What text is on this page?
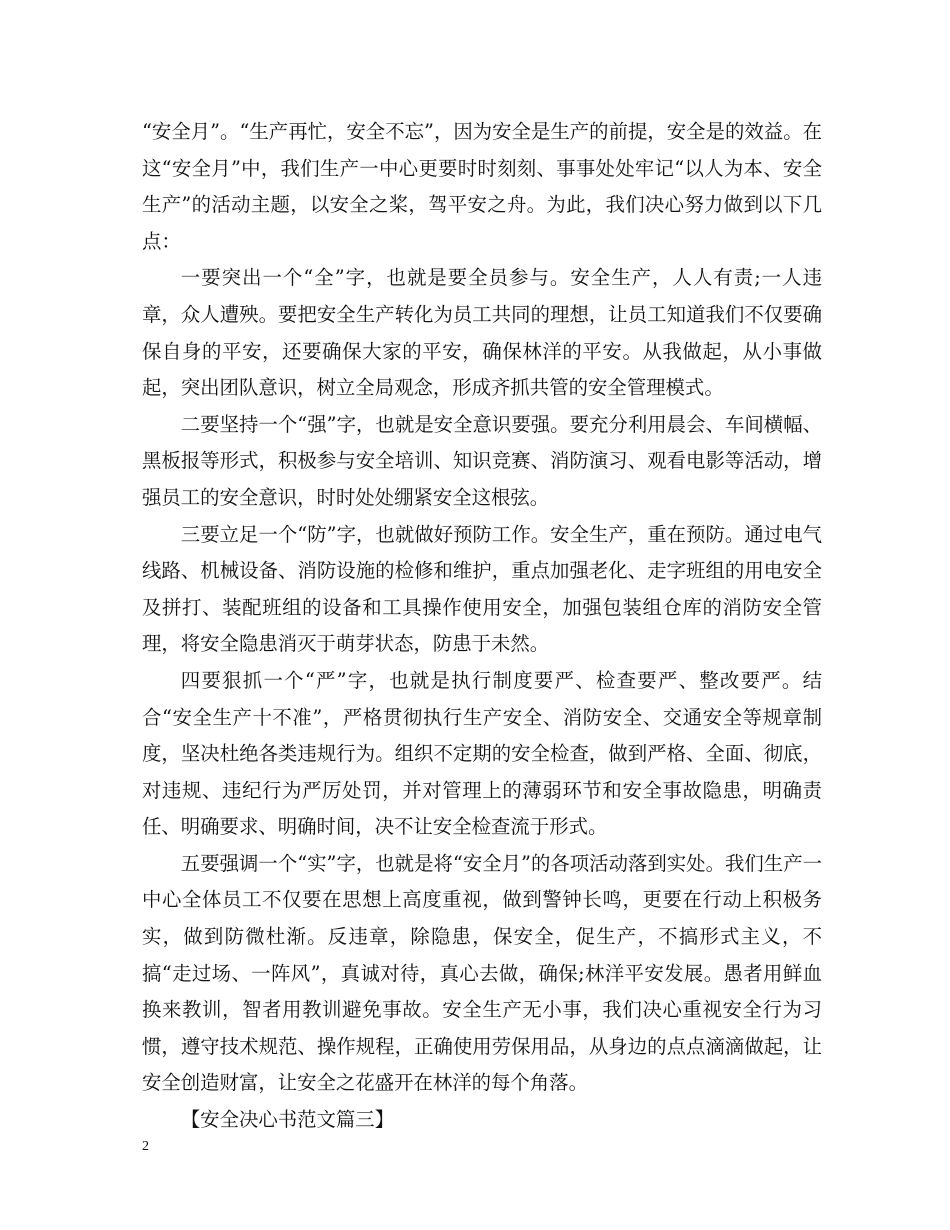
“安全月”。“生产再忙，安全不忘”，因为安全是生产的前提，安全是的效益。在这“安全月”中，我们生产一中心更要时时刻刻、事事处处牢记“以人为本、安全生产”的活动主题，以安全之桨，驾平安之舟。为此，我们决心努力做到以下几点：

一要突出一个“全”字，也就是要全员参与。安全生产，人人有责;一人违章，众人遭殃。要把安全生产转化为员工共同的理想，让员工知道我们不仅要确保自身的平安，还要确保大家的平安，确保林洋的平安。从我做起，从小事做起，突出团队意识，树立全局观念，形成齐抓共管的安全管理模式。

二要坚持一个“强”字，也就是安全意识要强。要充分利用晨会、车间横幅、黑板报等形式，积极参与安全培训、知识竞赛、消防演习、观看电影等活动，增强员工的安全意识，时时处处绷紧安全这根弦。

三要立足一个“防”字，也就做好预防工作。安全生产，重在预防。通过电气线路、机械设备、消防设施的检修和维护，重点加强老化、走字班组的用电安全及拼打、装配班组的设备和工具操作使用安全，加强包装组仓库的消防安全管理，将安全隐患消灭于萌芽状态，防患于未然。

四要狠抓一个“严”字，也就是执行制度要严、检查要严、整改要严。结合“安全生产十不准”，严格贯彻执行生产安全、消防安全、交通安全等规章制度，坚决杜绝各类违规行为。组织不定期的安全检查，做到严格、全面、彻底，对违规、违纪行为严厉处罚，并对管理上的薄弱环节和安全事故隐患，明确责任、明确要求、明确时间，决不让安全检查流于形式。

五要强调一个“实”字，也就是将“安全月”的各项活动落到实处。我们生产一中心全体员工不仅要在思想上高度重视，做到警钟长鸣，更要在行动上积极务实，做到防微杜渐。反违章，除隐患，保安全，促生产，不搞形式主义，不搞“走过场、一阵风”，真诚对待，真心去做，确保;林洋平安发展。愚者用鲜血换来教训，智者用教训避免事故。安全生产无小事，我们决心重视安全行为习惯，遵守技术规范、操作规程，正确使用劳保用品，从身边的点点滴滴做起，让安全创造财富，让安全之花盛开在林洋的每个角落。

【安全决心书范文篇三】

2
